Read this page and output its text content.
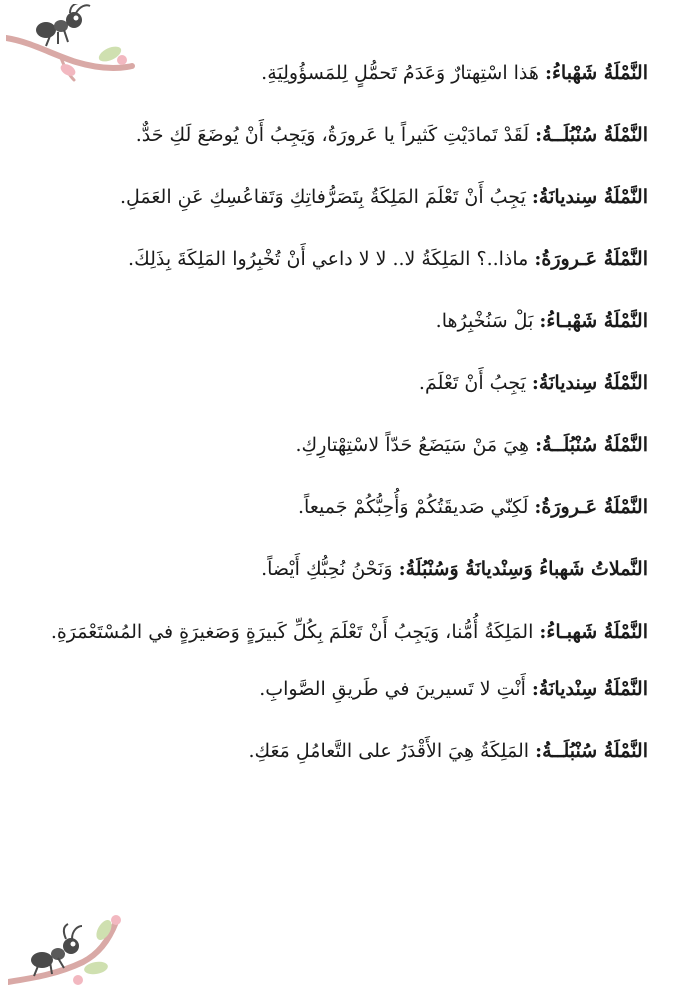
النَّمْلَةُ شَهْباءُ: هَذا اسْتِهتارٌ وَعَدَمُ تَحمُّلٍ لِلمَسؤُولِيَةِ.

النَّمْلَةُ سُنْبُلَــةُ: لَقَدْ تَمادَيْتِ كَثيراً يا عَرورَةُ، وَيَجِبُ أَنْ يُوضَعَ لَكِ حَدٌّ.

النَّمْلَةُ سِنديانَةُ: يَجِبُ أَنْ تَعْلَمَ المَلِكَةُ بِتَصَرُّفاتِكِ وَتَقاعُسِكِ عَنِ العَمَلِ.

النَّمْلَةُ عَـرورَةُ: ماذا..؟ المَلِكَةُ لا.. لا لا داعي أَنْ تُخْبِرُوا المَلِكَةَ بِذَلِكَ.

النَّمْلَةُ شَهْبـاءُ: بَلْ سَنُخْبِرُها.

النَّمْلَةُ سِنديانَةُ: يَجِبُ أَنْ تَعْلَمَ.

النَّمْلَةُ سُنْبُلَــةُ: هِيَ مَنْ سَيَضَعُ حَدّاً لاسْتِهْتارِكِ.

النَّمْلَةُ عَـرورَةُ: لَكِنّي صَديقَتُكُمْ وَأُحِبُّكُمْ جَميعاً.

النَّملاتُ شَهباءُ وَسِنْديانَةُ وَسُنْبُلَةُ: وَنَحْنُ نُحِبُّكِ أَيْضاً.

النَّمْلَةُ شَهبـاءُ: المَلِكَةُ أُمُّنا، وَيَجِبُ أَنْ تَعْلَمَ بِكُلِّ كَبيرَةٍ وَصَغيرَةٍ في المُسْتَعْمَرَةِ.

النَّمْلَةُ سِنْديانَةُ: أَنْتِ لا تَسيرينَ في طَريقِ الصَّوابِ.

النَّمْلَةُ سُنْبُلَــةُ: المَلِكَةُ هِيَ الأَقْدَرُ على التَّعامُلِ مَعَكِ.
